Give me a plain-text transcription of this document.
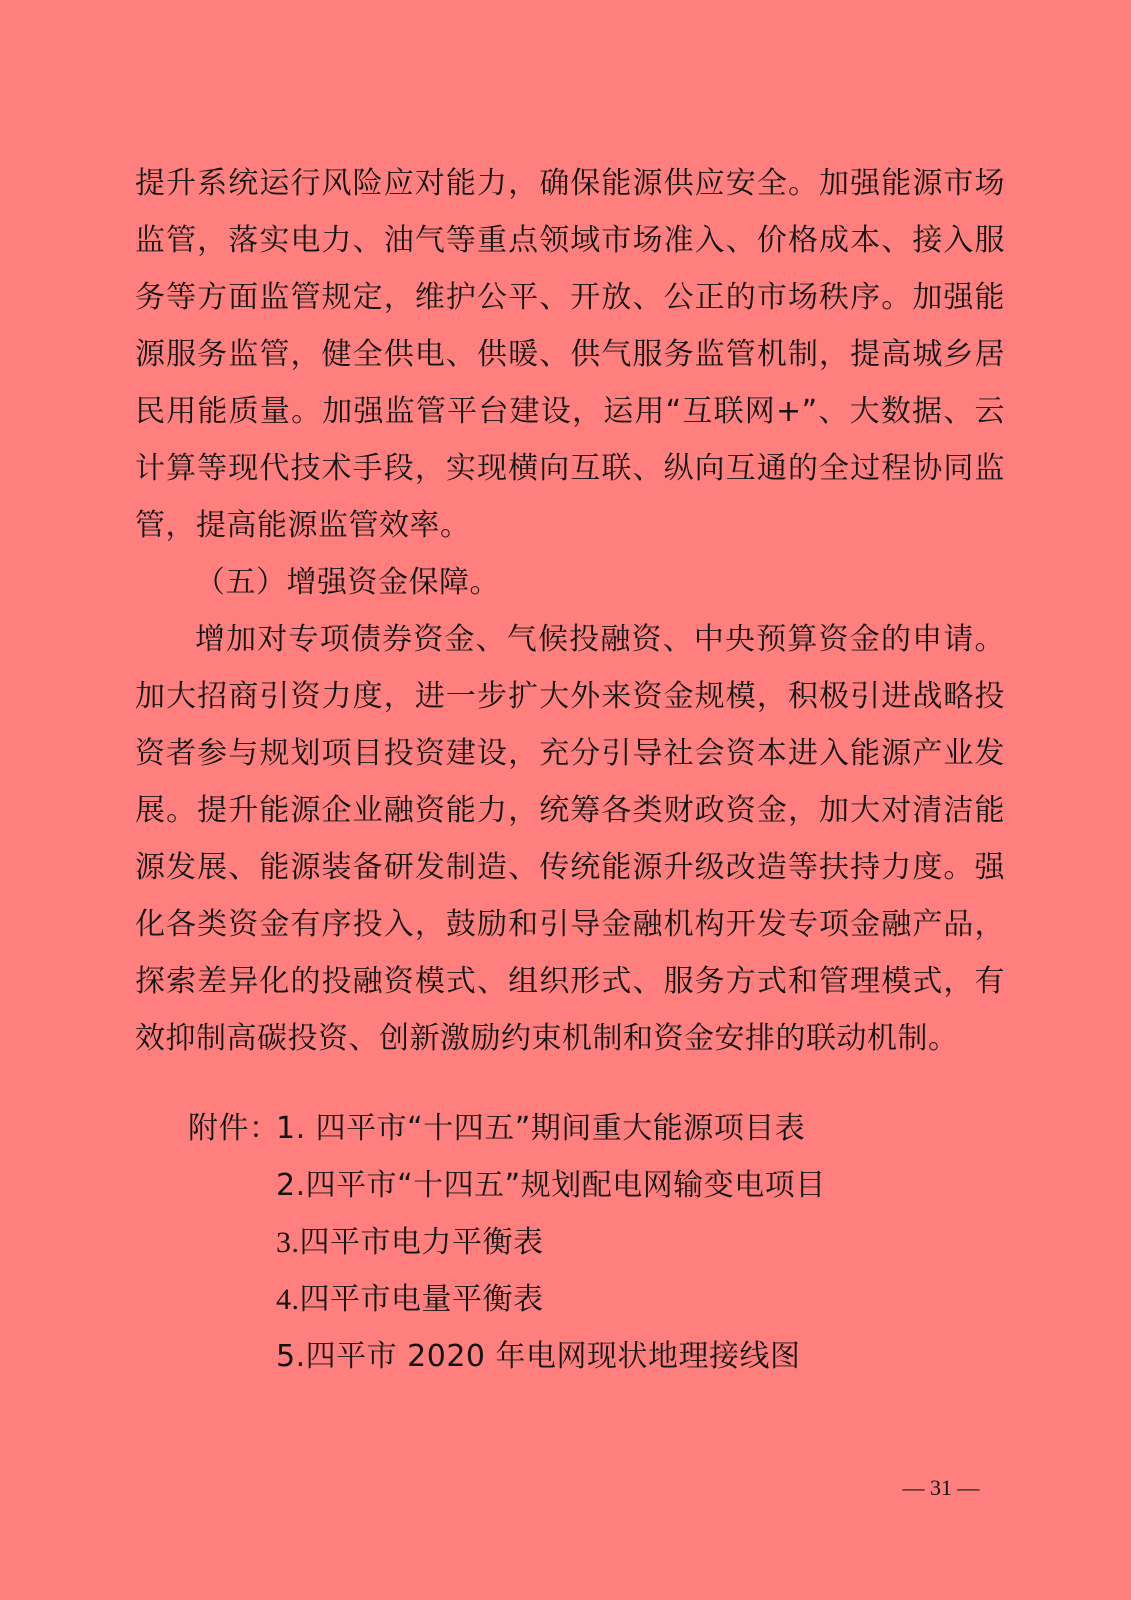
提升系统运行风险应对能力，确保能源供应安全。加强能源市场
监管，落实电力、油气等重点领域市场准入、价格成本、接入服
务等方面监管规定，维护公平、开放、公正的市场秩序。加强能
源服务监管，健全供电、供暖、供气服务监管机制，提高城乡居
民用能质量。加强监管平台建设，运用“互联网+”、大数据、云
计算等现代技术手段，实现横向互联、纵向互通的全过程协同监
管，提高能源监管效率。
（五）增强资金保障。
增加对专项债券资金、气候投融资、中央预算资金的申请。
加大招商引资力度，进一步扩大外来资金规模，积极引进战略投
资者参与规划项目投资建设，充分引导社会资本进入能源产业发
展。提升能源企业融资能力，统筹各类财政资金，加大对清洁能
源发展、能源装备研发制造、传统能源升级改造等扶持力度。强
化各类资金有序投入，鼓励和引导金融机构开发专项金融产品，
探索差异化的投融资模式、组织形式、服务方式和管理模式，有
效抑制高碳投资、创新激励约束机制和资金安排的联动机制。
附件：
1. 四平市“十四五”期间重大能源项目表
2.四平市“十四五”规划配电网输变电项目
3.四平市电力平衡表
4.四平市电量平衡表
5.四平市 2020 年电网现状地理接线图
— 31 —
